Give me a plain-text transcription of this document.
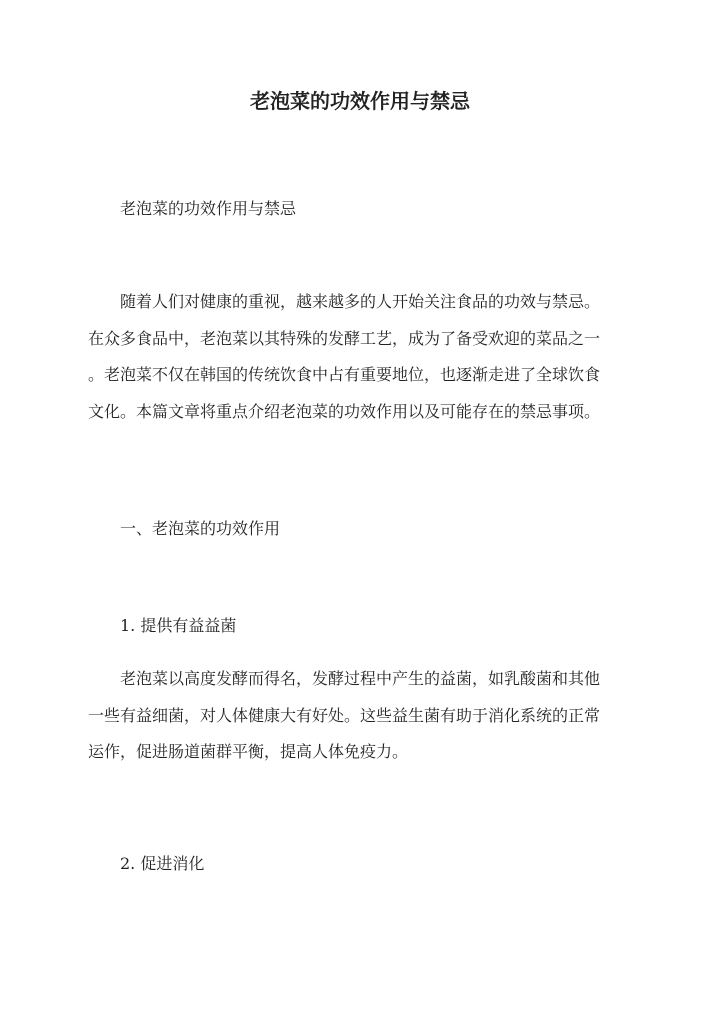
老泡菜的功效作用与禁忌

老泡菜的功效作用与禁忌

随着人们对健康的重视，越来越多的人开始关注食品的功效与禁忌。
在众多食品中，老泡菜以其特殊的发酵工艺，成为了备受欢迎的菜品之一
。老泡菜不仅在韩国的传统饮食中占有重要地位，也逐渐走进了全球饮食
文化。本篇文章将重点介绍老泡菜的功效作用以及可能存在的禁忌事项。

一、老泡菜的功效作用

1. 提供有益益菌

老泡菜以高度发酵而得名，发酵过程中产生的益菌，如乳酸菌和其他
一些有益细菌，对人体健康大有好处。这些益生菌有助于消化系统的正常
运作，促进肠道菌群平衡，提高人体免疫力。

2. 促进消化
